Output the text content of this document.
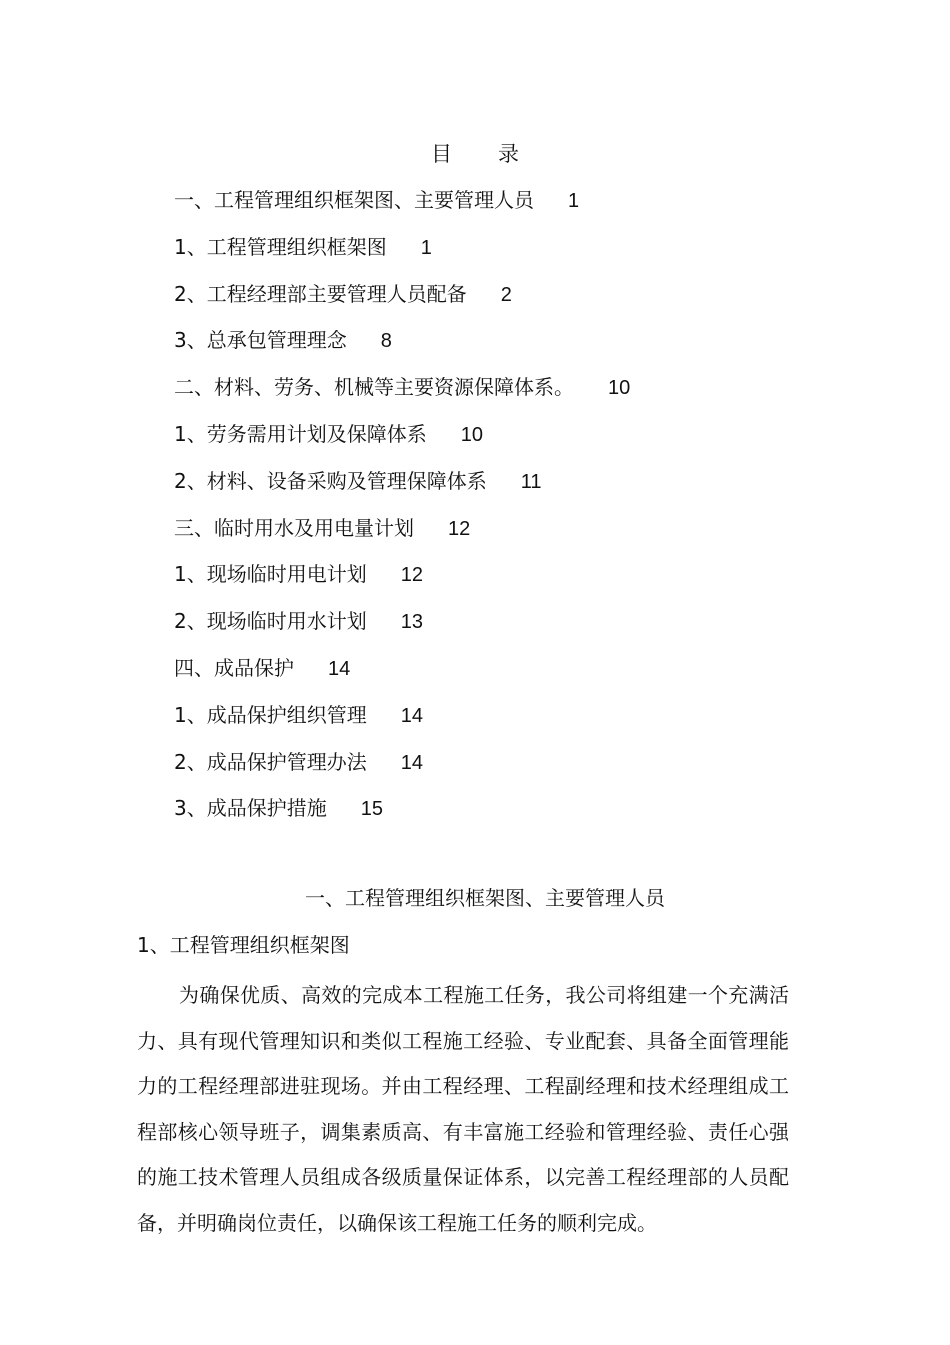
目录
一、工程管理组织框架图、主要管理人员 1
1、工程管理组织框架图 1
2、工程经理部主要管理人员配备 2
3、总承包管理理念 8
二、材料、劳务、机械等主要资源保障体系。 10
1、劳务需用计划及保障体系 10
2、材料、设备采购及管理保障体系 11
三、临时用水及用电量计划 12
1、现场临时用电计划 12
2、现场临时用水计划 13
四、成品保护 14
1、成品保护组织管理 14
2、成品保护管理办法 14
3、成品保护措施 15
一、工程管理组织框架图、主要管理人员
1、工程管理组织框架图

为确保优质、高效的完成本工程施工任务，我公司将组建一个充满活力、具有现代管理知识和类似工程施工经验、专业配套、具备全面管理能力的工程经理部进驻现场。并由工程经理、工程副经理和技术经理组成工程部核心领导班子，调集素质高、有丰富施工经验和管理经验、责任心强的施工技术管理人员组成各级质量保证体系，以完善工程经理部的人员配备，并明确岗位责任，以确保该工程施工任务的顺利完成。
